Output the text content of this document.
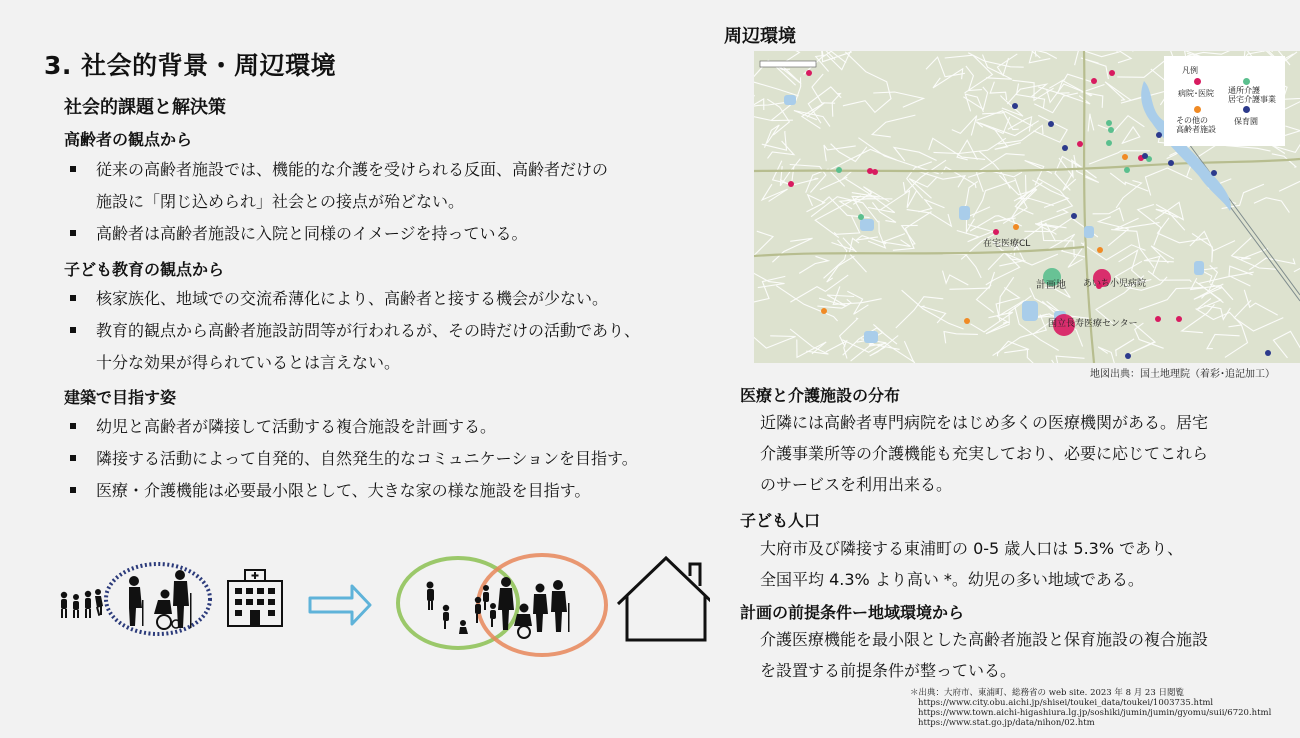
3. 社会的背景・周辺環境
社会的課題と解決策
高齢者の観点から
従来の高齢者施設では、機能的な介護を受けられる反面、高齢者だけの
施設に「閉じ込められ」社会との接点が殆どない。
高齢者は高齢者施設に入院と同様のイメージを持っている。
子ども教育の観点から
核家族化、地域での交流希薄化により、高齢者と接する機会が少ない。
教育的観点から高齢者施設訪問等が行われるが、その時だけの活動であり、
十分な効果が得られているとは言えない。
建築で目指す姿
幼児と高齢者が隣接して活動する複合施設を計画する。
隣接する活動によって自発的、自然発生的なコミュニケーションを目指す。
医療・介護機能は必要最小限として、大きな家の様な施設を目指す。
周辺環境
凡例
病院･医院 通所介護
居宅介護事業
その他の
高齢者施設
保育園
在宅医療CL
計画地 あいち小児病院
国立長寿医療センター
地図出典：国土地理院（着彩･追記加工）
医療と介護施設の分布
近隣には高齢者専門病院をはじめ多くの医療機関がある。居宅
介護事業所等の介護機能も充実しており、必要に応じてこれら
のサービスを利用出来る。
子ども人口
大府市及び隣接する東浦町の 0-5 歳人口は 5.3% であり、
全国平均 4.3% より高い *。幼児の多い地域である。
計画の前提条件ー地域環境から
介護医療機能を最小限とした高齢者施設と保育施設の複合施設
を設置する前提条件が整っている。
＊出典：大府市、東浦町、総務省の web site. 2023 年 8 月 23 日閲覧
https://www.city.obu.aichi.jp/shisei/toukei_data/toukei/1003735.html
https://www.town.aichi-higashiura.lg.jp/soshiki/jumin/jumin/gyomu/suii/6720.html
https://www.stat.go.jp/data/nihon/02.htm
